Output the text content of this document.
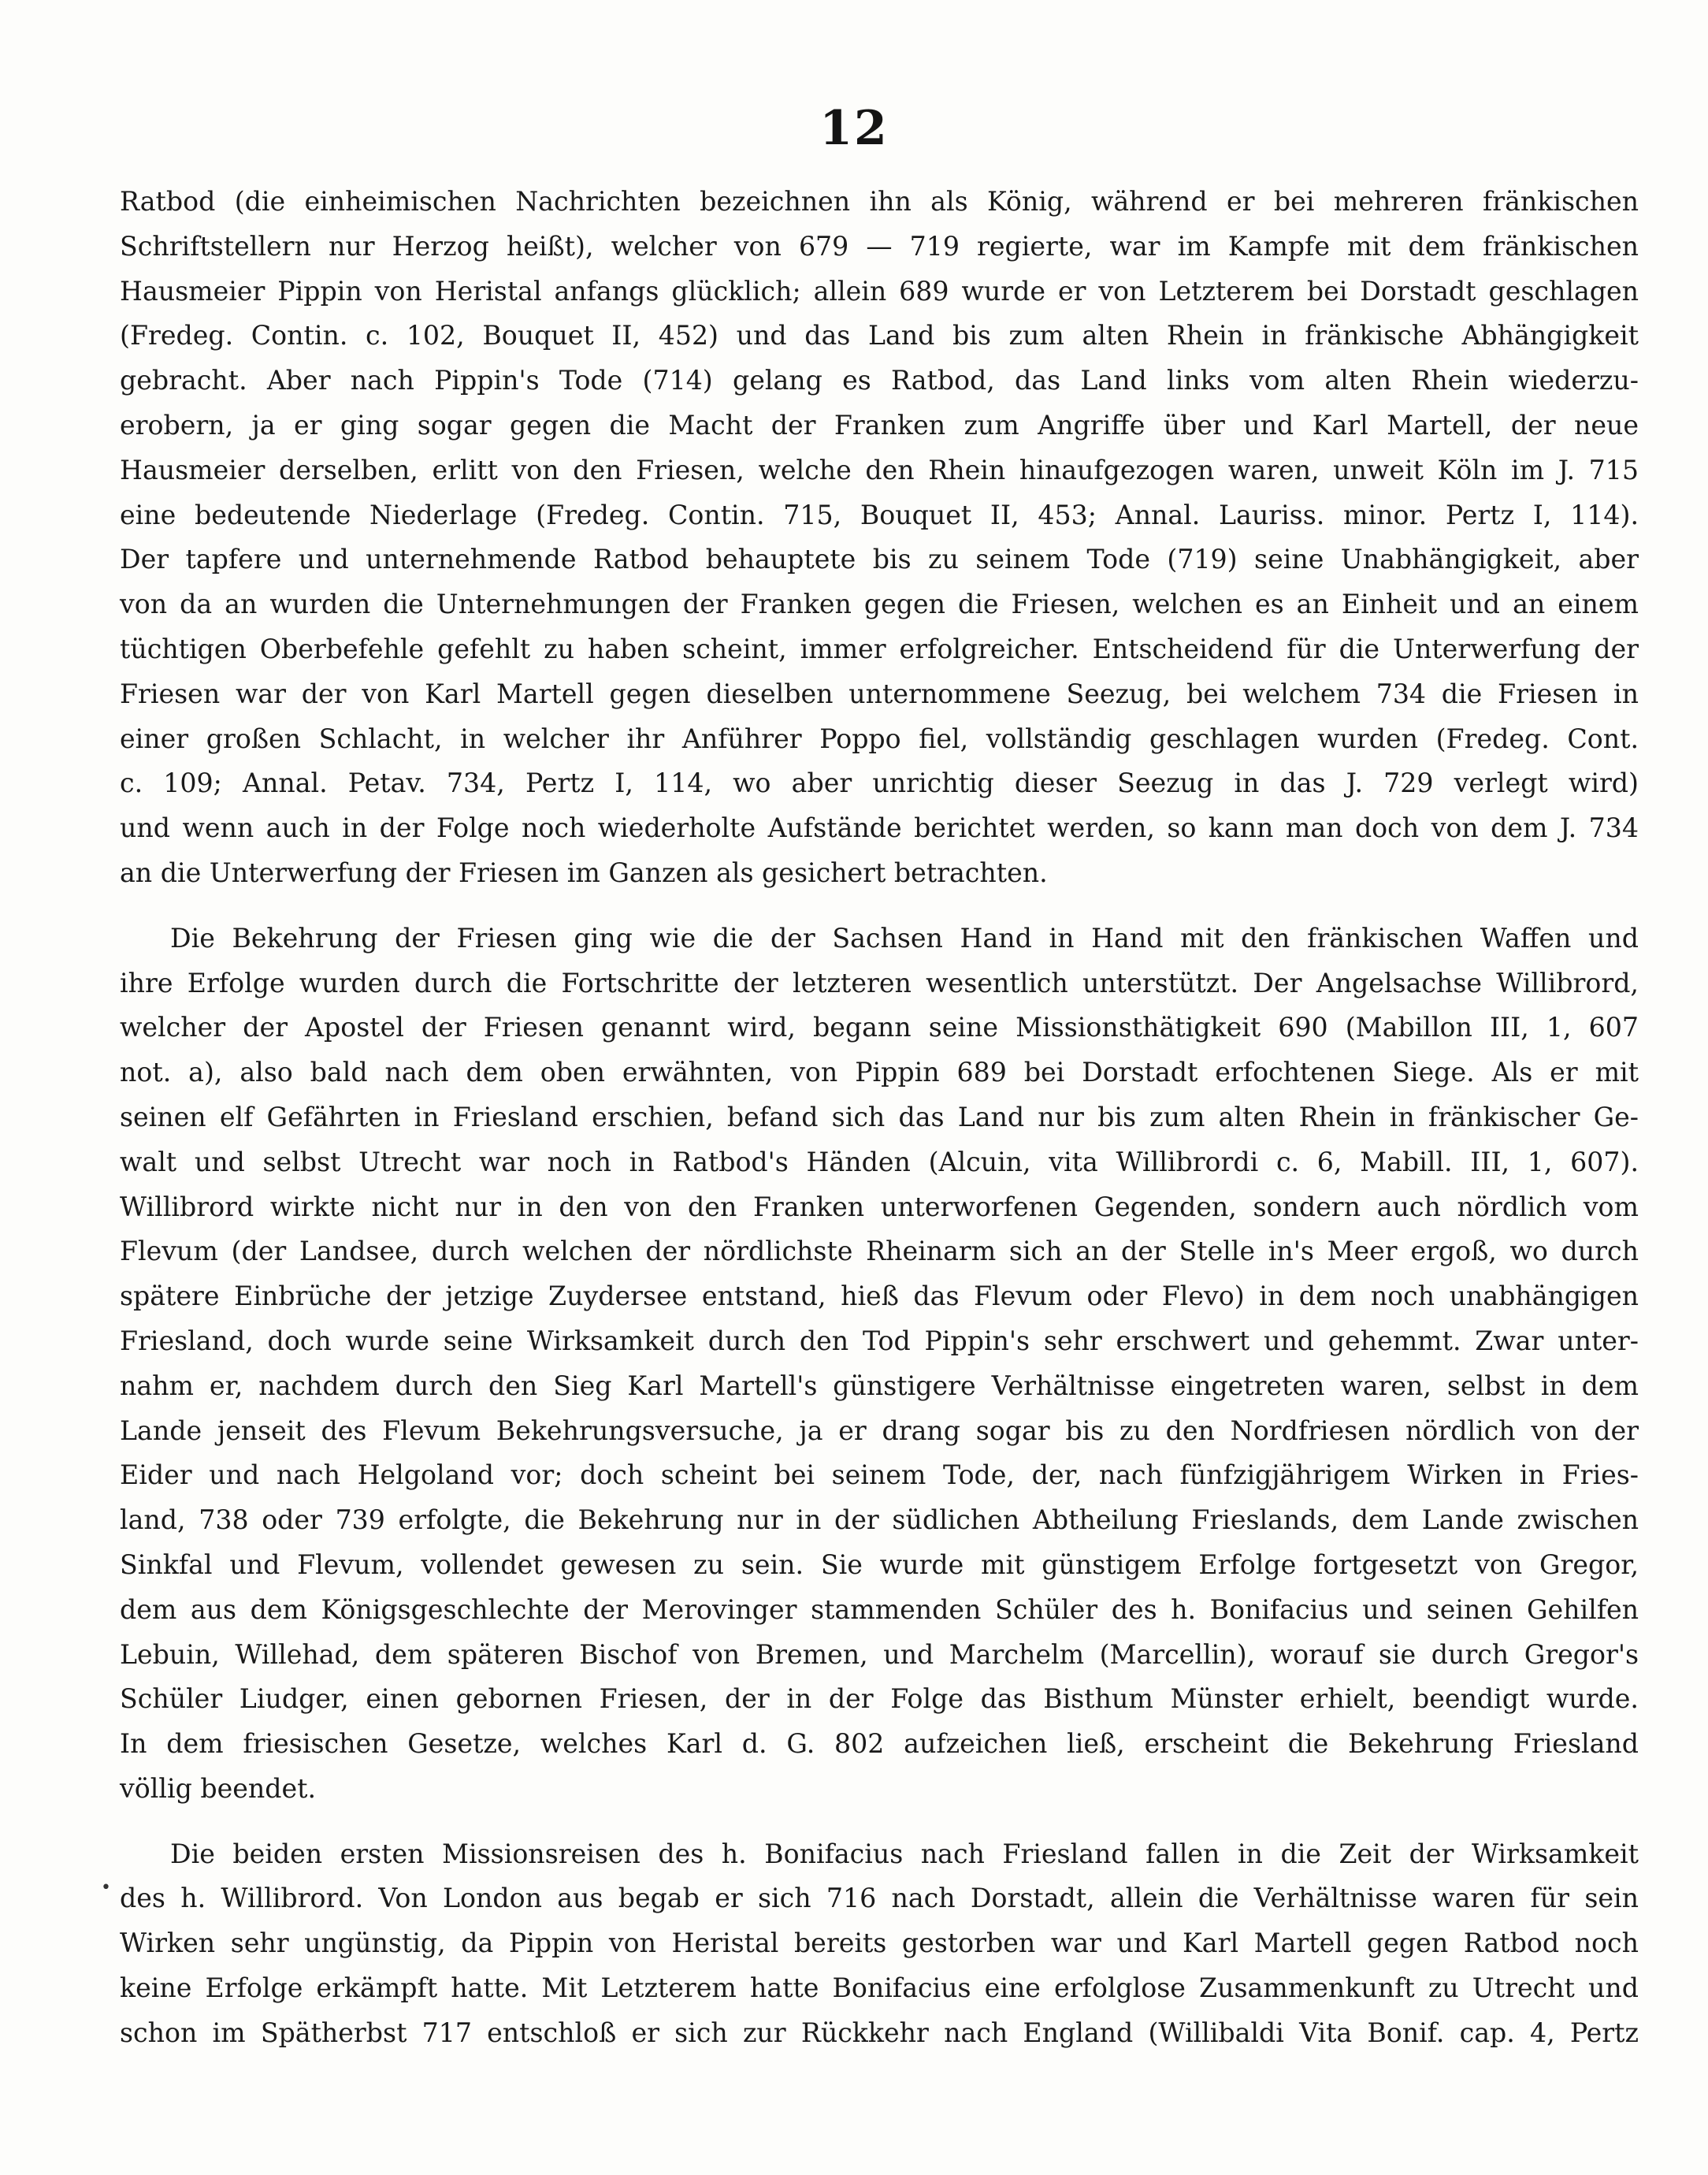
12
Ratbod (die einheimischen Nachrichten bezeichnen ihn als König, während er bei mehreren fränkischen
Schriftstellern nur Herzog heißt), welcher von 679 — 719 regierte, war im Kampfe mit dem fränkischen
Hausmeier Pippin von Heristal anfangs glücklich; allein 689 wurde er von Letzterem bei Dorstadt geschlagen
(Fredeg. Contin. c. 102, Bouquet II, 452) und das Land bis zum alten Rhein in fränkische Abhängigkeit
gebracht. Aber nach Pippin's Tode (714) gelang es Ratbod, das Land links vom alten Rhein wiederzu-
erobern, ja er ging sogar gegen die Macht der Franken zum Angriffe über und Karl Martell, der neue
Hausmeier derselben, erlitt von den Friesen, welche den Rhein hinaufgezogen waren, unweit Köln im J. 715
eine bedeutende Niederlage (Fredeg. Contin. 715, Bouquet II, 453; Annal. Lauriss. minor. Pertz I, 114).
Der tapfere und unternehmende Ratbod behauptete bis zu seinem Tode (719) seine Unabhängigkeit, aber
von da an wurden die Unternehmungen der Franken gegen die Friesen, welchen es an Einheit und an einem
tüchtigen Oberbefehle gefehlt zu haben scheint, immer erfolgreicher. Entscheidend für die Unterwerfung der
Friesen war der von Karl Martell gegen dieselben unternommene Seezug, bei welchem 734 die Friesen in
einer großen Schlacht, in welcher ihr Anführer Poppo fiel, vollständig geschlagen wurden (Fredeg. Cont.
c. 109; Annal. Petav. 734, Pertz I, 114, wo aber unrichtig dieser Seezug in das J. 729 verlegt wird)
und wenn auch in der Folge noch wiederholte Aufstände berichtet werden, so kann man doch von dem J. 734
an die Unterwerfung der Friesen im Ganzen als gesichert betrachten.
Die Bekehrung der Friesen ging wie die der Sachsen Hand in Hand mit den fränkischen Waffen und
ihre Erfolge wurden durch die Fortschritte der letzteren wesentlich unterstützt. Der Angelsachse Willibrord,
welcher der Apostel der Friesen genannt wird, begann seine Missionsthätigkeit 690 (Mabillon III, 1, 607
not. a), also bald nach dem oben erwähnten, von Pippin 689 bei Dorstadt erfochtenen Siege. Als er mit
seinen elf Gefährten in Friesland erschien, befand sich das Land nur bis zum alten Rhein in fränkischer Ge-
walt und selbst Utrecht war noch in Ratbod's Händen (Alcuin, vita Willibrordi c. 6, Mabill. III, 1, 607).
Willibrord wirkte nicht nur in den von den Franken unterworfenen Gegenden, sondern auch nördlich vom
Flevum (der Landsee, durch welchen der nördlichste Rheinarm sich an der Stelle in's Meer ergoß, wo durch
spätere Einbrüche der jetzige Zuydersee entstand, hieß das Flevum oder Flevo) in dem noch unabhängigen
Friesland, doch wurde seine Wirksamkeit durch den Tod Pippin's sehr erschwert und gehemmt. Zwar unter-
nahm er, nachdem durch den Sieg Karl Martell's günstigere Verhältnisse eingetreten waren, selbst in dem
Lande jenseit des Flevum Bekehrungsversuche, ja er drang sogar bis zu den Nordfriesen nördlich von der
Eider und nach Helgoland vor; doch scheint bei seinem Tode, der, nach fünfzigjährigem Wirken in Fries-
land, 738 oder 739 erfolgte, die Bekehrung nur in der südlichen Abtheilung Frieslands, dem Lande zwischen
Sinkfal und Flevum, vollendet gewesen zu sein. Sie wurde mit günstigem Erfolge fortgesetzt von Gregor,
dem aus dem Königsgeschlechte der Merovinger stammenden Schüler des h. Bonifacius und seinen Gehilfen
Lebuin, Willehad, dem späteren Bischof von Bremen, und Marchelm (Marcellin), worauf sie durch Gregor's
Schüler Liudger, einen gebornen Friesen, der in der Folge das Bisthum Münster erhielt, beendigt wurde.
In dem friesischen Gesetze, welches Karl d. G. 802 aufzeichen ließ, erscheint die Bekehrung Friesland
völlig beendet.
Die beiden ersten Missionsreisen des h. Bonifacius nach Friesland fallen in die Zeit der Wirksamkeit
des h. Willibrord. Von London aus begab er sich 716 nach Dorstadt, allein die Verhältnisse waren für sein
Wirken sehr ungünstig, da Pippin von Heristal bereits gestorben war und Karl Martell gegen Ratbod noch
keine Erfolge erkämpft hatte. Mit Letzterem hatte Bonifacius eine erfolglose Zusammenkunft zu Utrecht und
schon im Spätherbst 717 entschloß er sich zur Rückkehr nach England (Willibaldi Vita Bonif. cap. 4, Pertz
•
